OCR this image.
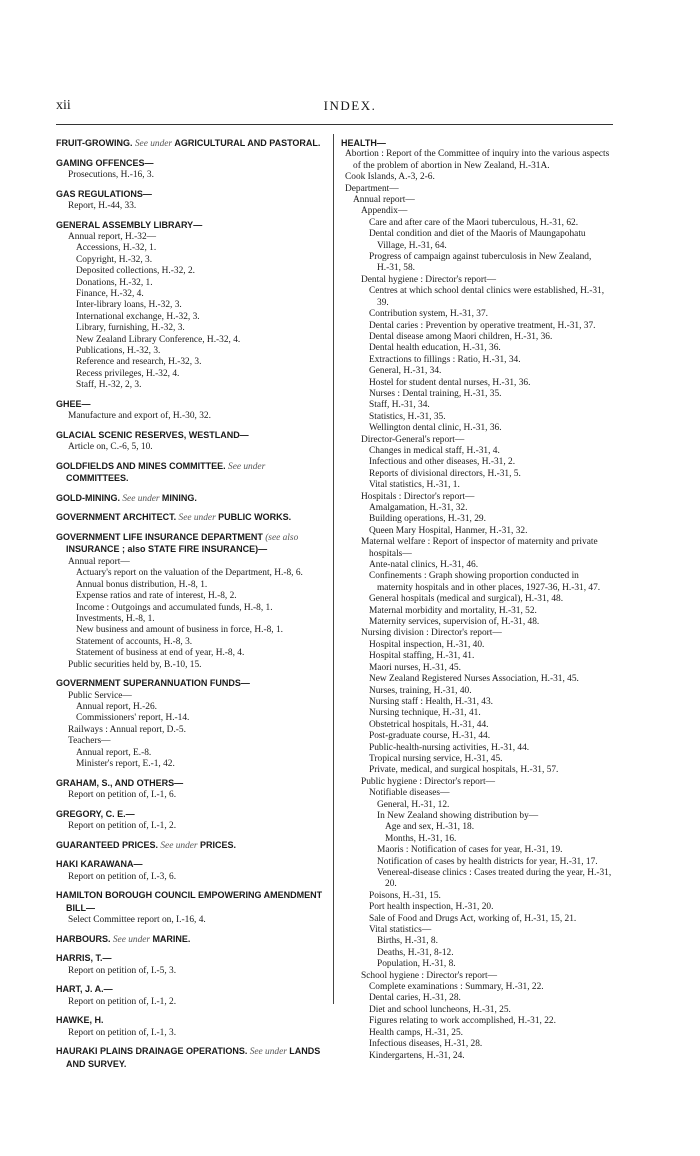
xii	INDEX.
FRUIT-GROWING. See under AGRICULTURAL AND PASTORAL.
GAMING OFFENCES—
Prosecutions, H.-16, 3.
GAS REGULATIONS—
Report, H.-44, 33.
GENERAL ASSEMBLY LIBRARY—
Annual report, H.-32—
Accessions, H.-32, 1.
Copyright, H.-32, 3.
Deposited collections, H.-32, 2.
Donations, H.-32, 1.
Finance, H.-32, 4.
Inter-library loans, H.-32, 3.
International exchange, H.-32, 3.
Library, furnishing, H.-32, 3.
New Zealand Library Conference, H.-32, 4.
Publications, H.-32, 3.
Reference and research, H.-32, 3.
Recess privileges, H.-32, 4.
Staff, H.-32, 2, 3.
GHEE—
Manufacture and export of, H.-30, 32.
GLACIAL SCENIC RESERVES, WESTLAND—
Article on, C.-6, 5, 10.
GOLDFIELDS AND MINES COMMITTEE. See under COMMITTEES.
GOLD-MINING. See under MINING.
GOVERNMENT ARCHITECT. See under PUBLIC WORKS.
GOVERNMENT LIFE INSURANCE DEPARTMENT (see also INSURANCE ; also STATE FIRE INSURANCE)—
Annual report—
Actuary's report on the valuation of the Department, H.-8, 6.
Annual bonus distribution, H.-8, 1.
Expense ratios and rate of interest, H.-8, 2.
Income : Outgoings and accumulated funds, H.-8, 1.
Investments, H.-8, 1.
New business and amount of business in force, H.-8, 1.
Statement of accounts, H.-8, 3.
Statement of business at end of year, H.-8, 4.
Public securities held by, B.-10, 15.
GOVERNMENT SUPERANNUATION FUNDS—
Public Service—
Annual report, H.-26.
Commissioners' report, H.-14.
Railways : Annual report, D.-5.
Teachers—
Annual report, E.-8.
Minister's report, E.-1, 42.
GRAHAM, S., AND OTHERS—
Report on petition of, I.-1, 6.
GREGORY, C. E.—
Report on petition of, I.-1, 2.
GUARANTEED PRICES. See under PRICES.
HAKI KARAWANA—
Report on petition of, I.-3, 6.
HAMILTON BOROUGH COUNCIL EMPOWERING AMENDMENT BILL—
Select Committee report on, I.-16, 4.
HARBOURS. See under MARINE.
HARRIS, T.—
Report on petition of, I.-5, 3.
HART, J. A.—
Report on petition of, I.-1, 2.
HAWKE, H.
Report on petition of, I.-1, 3.
HAURAKI PLAINS DRAINAGE OPERATIONS. See under LANDS AND SURVEY.
HEALTH—
Abortion : Report of the Committee of inquiry into the various aspects of the problem of abortion in New Zealand, H.-31A.
Cook Islands, A.-3, 2-6.
Department—
Annual report—
Appendix—
Care and after care of the Maori tuberculous, H.-31, 62.
Dental condition and diet of the Maoris of Maungapohatu Village, H.-31, 64.
Progress of campaign against tuberculosis in New Zealand, H.-31, 58.
Dental hygiene : Director's report—
Centres at which school dental clinics were established, H.-31, 39.
Contribution system, H.-31, 37.
Dental caries : Prevention by operative treatment, H.-31, 37.
Dental disease among Maori children, H.-31, 36.
Dental health education, H.-31, 36.
Extractions to fillings : Ratio, H.-31, 34.
General, H.-31, 34.
Hostel for student dental nurses, H.-31, 36.
Nurses : Dental training, H.-31, 35.
Staff, H.-31, 34.
Statistics, H.-31, 35.
Wellington dental clinic, H.-31, 36.
Director-General's report—
Changes in medical staff, H.-31, 4.
Infectious and other diseases, H.-31, 2.
Reports of divisional directors, H.-31, 5.
Vital statistics, H.-31, 1.
Hospitals : Director's report—
Amalgamation, H.-31, 32.
Building operations, H.-31, 29.
Queen Mary Hospital, Hanmer, H.-31, 32.
Maternal welfare : Report of inspector of maternity and private hospitals—
Ante-natal clinics, H.-31, 46.
Confinements : Graph showing proportion conducted in maternity hospitals and in other places, 1927-36, H.-31, 47.
General hospitals (medical and surgical), H.-31, 48.
Maternal morbidity and mortality, H.-31, 52.
Maternity services, supervision of, H.-31, 48.
Nursing division : Director's report—
Hospital inspection, H.-31, 40.
Hospital staffing, H.-31, 41.
Maori nurses, H.-31, 45.
New Zealand Registered Nurses Association, H.-31, 45.
Nurses, training, H.-31, 40.
Nursing staff : Health, H.-31, 43.
Nursing technique, H.-31, 41.
Obstetrical hospitals, H.-31, 44.
Post-graduate course, H.-31, 44.
Public-health-nursing activities, H.-31, 44.
Tropical nursing service, H.-31, 45.
Private, medical, and surgical hospitals, H.-31, 57.
Public hygiene : Director's report—
Notifiable diseases—
General, H.-31, 12.
In New Zealand showing distribution by—
Age and sex, H.-31, 18.
Months, H.-31, 16.
Maoris : Notification of cases for year, H.-31, 19.
Notification of cases by health districts for year, H.-31, 17.
Venereal-disease clinics : Cases treated during the year, H.-31, 20.
Poisons, H.-31, 15.
Port health inspection, H.-31, 20.
Sale of Food and Drugs Act, working of, H.-31, 15, 21.
Vital statistics—
Births, H.-31, 8.
Deaths, H.-31, 8-12.
Population, H.-31, 8.
School hygiene : Director's report—
Complete examinations : Summary, H.-31, 22.
Dental caries, H.-31, 28.
Diet and school luncheons, H.-31, 25.
Figures relating to work accomplished, H.-31, 22.
Health camps, H.-31, 25.
Infectious diseases, H.-31, 28.
Kindergartens, H.-31, 24.
